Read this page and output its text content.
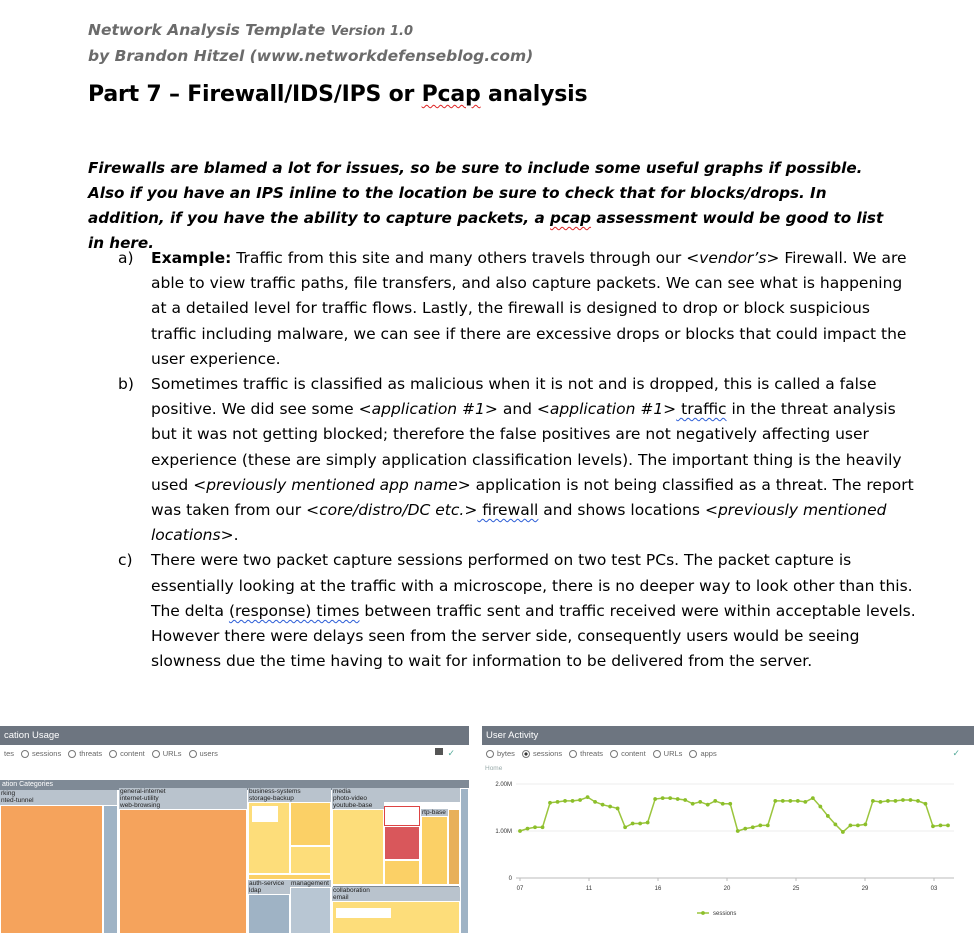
Network Analysis Template Version 1.0
by Brandon Hitzel (www.networkdefenseblog.com)
Part 7 – Firewall/IDS/IPS or Pcap analysis

Firewalls are blamed a lot for issues, so be sure to include some useful graphs if possible. Also if you have an IPS inline to the location be sure to check that for blocks/drops. In addition, if you have the ability to capture packets, a pcap assessment would be good to list in here.

a) Example: Traffic from this site and many others travels through our <vendor’s> Firewall. We are able to view traffic paths, file transfers, and also capture packets. We can see what is happening at a detailed level for traffic flows. Lastly, the firewall is designed to drop or block suspicious traffic including malware, we can see if there are excessive drops or blocks that could impact the user experience.
b) Sometimes traffic is classified as malicious when it is not and is dropped, this is called a false positive. We did see some <application #1> and <application #1> traffic in the threat analysis but it was not getting blocked; therefore the false positives are not negatively affecting user experience (these are simply application classification levels). The important thing is the heavily used <previously mentioned app name> application is not being classified as a threat. The report was taken from our <core/distro/DC etc.> firewall and shows locations <previously mentioned locations>.
c) There were two packet capture sessions performed on two test PCs. The packet capture is essentially looking at the traffic with a microscope, there is no deeper way to look other than this. The delta (response) times between traffic sent and traffic received were within acceptable levels. However there were delays seen from the server side, consequently users would be seeing slowness due the time having to wait for information to be delivered from the server.
cation Usage
tes sessions threats content URLs users	✓
ation Categories
rking
nted-tunnel
general-internet
internet-utility
web-browsing
business-systems
storage-backup
auth-service	management
ldap
media
photo-video
youtube-base
rtp-base
collaboration
email
User Activity
bytes sessions threats content URLs apps	✓
Home
2.00M
1.00M
0
07	11	16	20	25	29	03
sessions
